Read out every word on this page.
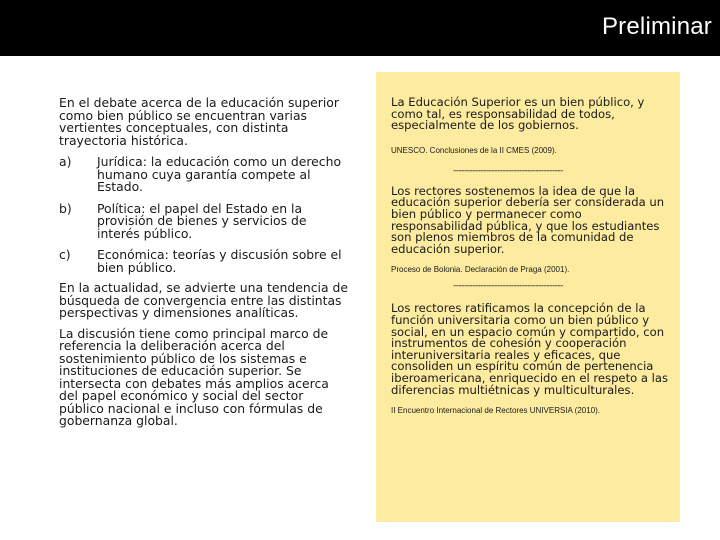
Preliminar

En el debate acerca de la educación superior como bien público se encuentran varias vertientes conceptuales, con distinta trayectoria histórica.

a)	Jurídica: la educación como un derecho humano cuya garantía compete al Estado.
b)	Política: el papel del Estado en la provisión de bienes y servicios de interés público.
c)	Económica: teorías y discusión sobre el bien público.

En la actualidad, se advierte una tendencia de búsqueda de convergencia entre las distintas perspectivas y dimensiones analíticas.

La discusión tiene como principal marco de referencia la deliberación acerca del sostenimiento público de los sistemas e instituciones de educación superior. Se intersecta con debates más amplios acerca del papel económico y social del sector público nacional e incluso con fórmulas de gobernanza global.

La Educación Superior es un bien público, y como tal, es responsabilidad de todos, especialmente de los gobiernos.

UNESCO. Conclusiones de la II CMES (2009).

----------------------------------------

Los rectores sostenemos la idea de que la educación superior debería ser considerada un bien público y permanecer como responsabilidad pública, y que los estudiantes son plenos miembros de la comunidad de educación superior.

Proceso de Bolonia. Declaración de Praga (2001).

----------------------------------------

Los rectores ratificamos la concepción de la función universitaria como un bien público y social, en un espacio común y compartido, con instrumentos de cohesión y cooperación interuniversitaria reales y eficaces, que consoliden un espíritu común de pertenencia iberoamericana, enriquecido en el respeto a las diferencias multiétnicas y multiculturales.

II Encuentro Internacional de Rectores UNIVERSIA (2010).
